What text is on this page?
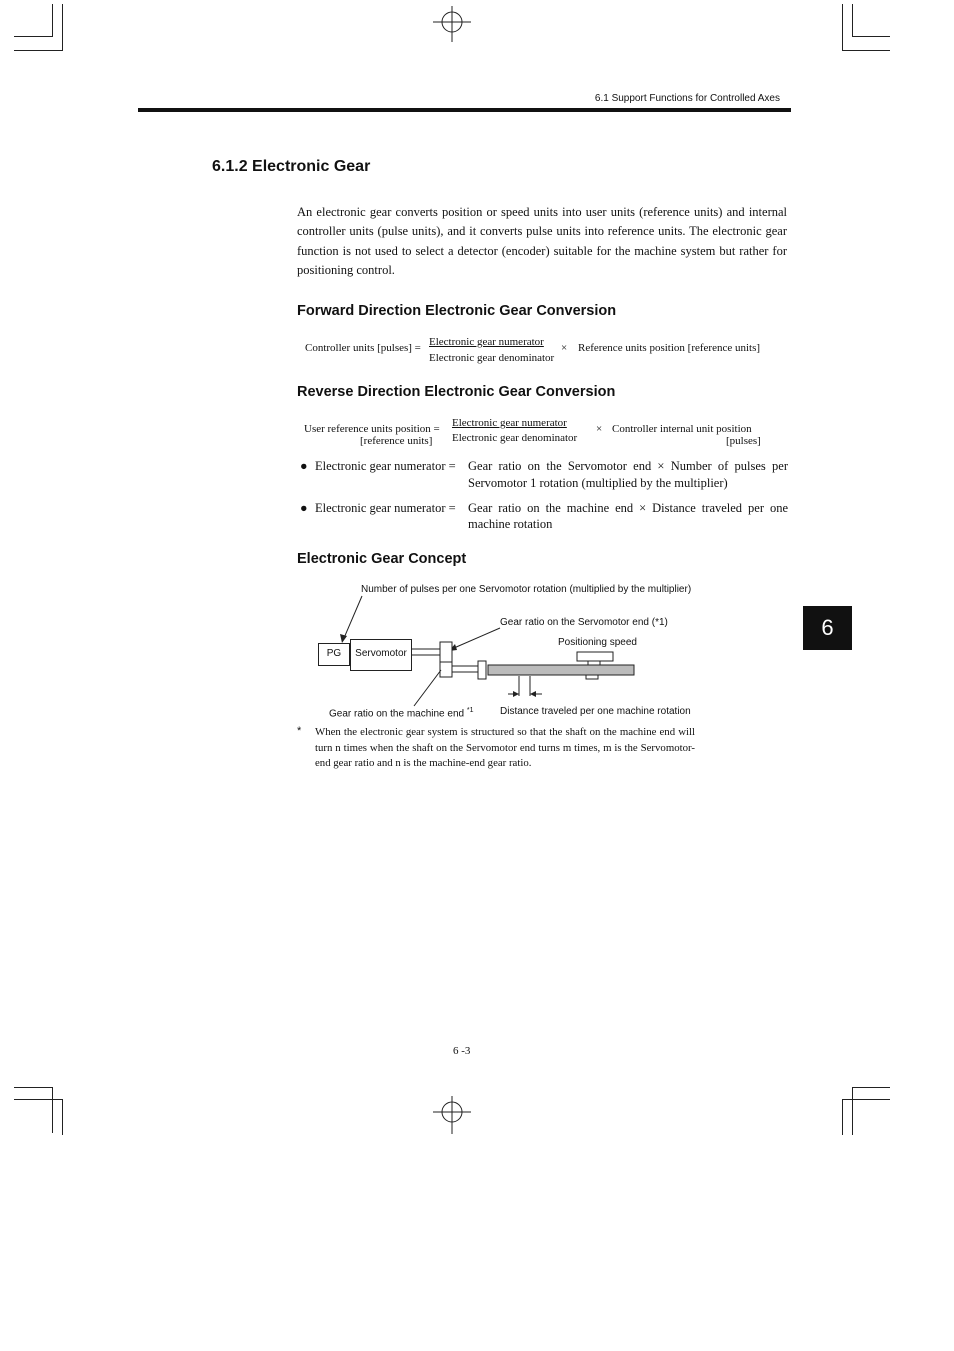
6.1 Support Functions for Controlled Axes
6.1.2 Electronic Gear
An electronic gear converts position or speed units into user units (reference units) and internal controller units (pulse units), and it converts pulse units into reference units. The electronic gear function is not used to select a detector (encoder) suitable for the machine system but rather for positioning control.
Forward Direction Electronic Gear Conversion
Controller units [pulses] = Electronic gear numerator
Electronic gear denominator
× Reference units position [reference units]
Reverse Direction Electronic Gear Conversion
User reference units position =
[reference units]
Electronic gear numerator
Electronic gear denominator
× Controller internal unit position
[pulses]
● Electronic gear numerator = Gear ratio on the Servomotor end × Number of pulses per
Servomotor 1 rotation (multiplied by the multiplier)
● Electronic gear numerator = Gear ratio on the machine end × Distance traveled per one
machine rotation
Electronic Gear Concept
Number of pulses per one Servomotor rotation (multiplied by the multiplier)
Gear ratio on the Servomotor end (*1)
Positioning speed
PG	Servomotor
Gear ratio on the machine end $^{*1}$	Distance traveled per one machine rotation
* When the electronic gear system is structured so that the shaft on the machine end will turn n times when the shaft on the Servomotor end turns m times, m is the Servomotor-end gear ratio and n is the machine-end gear ratio.
6
6 -3
